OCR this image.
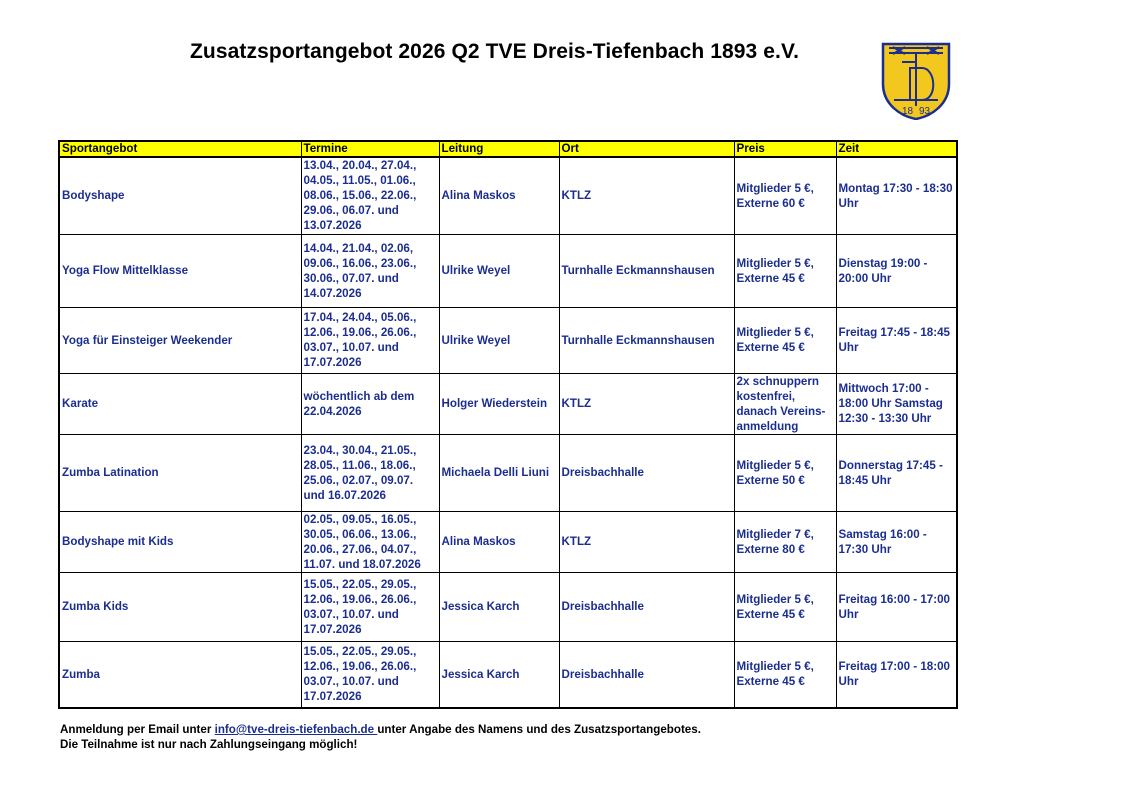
Zusatzsportangebot 2026 Q2 TVE Dreis-Tiefenbach 1893 e.V.
18 93
Sportangebot	Termine	Leitung	Ort	Preis	Zeit
Bodyshape	13.04., 20.04., 27.04., 04.05., 11.05., 01.06., 08.06., 15.06., 22.06., 29.06., 06.07. und 13.07.2026	Alina Maskos	KTLZ	Mitglieder 5 €, Externe 60 €	Montag 17:30 - 18:30 Uhr
Yoga Flow Mittelklasse	14.04., 21.04., 02.06, 09.06., 16.06., 23.06., 30.06., 07.07. und 14.07.2026	Ulrike Weyel	Turnhalle Eckmannshausen	Mitglieder 5 €, Externe 45 €	Dienstag 19:00 - 20:00 Uhr
Yoga für Einsteiger Weekender	17.04., 24.04., 05.06., 12.06., 19.06., 26.06., 03.07., 10.07. und 17.07.2026	Ulrike Weyel	Turnhalle Eckmannshausen	Mitglieder 5 €, Externe 45 €	Freitag 17:45 - 18:45 Uhr
Karate	wöchentlich ab dem 22.04.2026	Holger Wiederstein	KTLZ	2x schnuppern kostenfrei, danach Vereins-anmeldung	Mittwoch 17:00 - 18:00 Uhr Samstag 12:30 - 13:30 Uhr
Zumba Latination	23.04., 30.04., 21.05., 28.05., 11.06., 18.06., 25.06., 02.07., 09.07. und 16.07.2026	Michaela Delli Liuni	Dreisbachhalle	Mitglieder 5 €, Externe 50 €	Donnerstag 17:45 - 18:45 Uhr
Bodyshape mit Kids	02.05., 09.05., 16.05., 30.05., 06.06., 13.06., 20.06., 27.06., 04.07., 11.07. und 18.07.2026	Alina Maskos	KTLZ	Mitglieder 7 €, Externe 80 €	Samstag 16:00 - 17:30 Uhr
Zumba Kids	15.05., 22.05., 29.05., 12.06., 19.06., 26.06., 03.07., 10.07. und 17.07.2026	Jessica Karch	Dreisbachhalle	Mitglieder 5 €, Externe 45 €	Freitag 16:00 - 17:00 Uhr
Zumba	15.05., 22.05., 29.05., 12.06., 19.06., 26.06., 03.07., 10.07. und 17.07.2026	Jessica Karch	Dreisbachhalle	Mitglieder 5 €, Externe 45 €	Freitag 17:00 - 18:00 Uhr
Anmeldung per Email unter info@tve-dreis-tiefenbach.de unter Angabe des Namens und des Zusatzsportangebotes.
Die Teilnahme ist nur nach Zahlungseingang möglich!
